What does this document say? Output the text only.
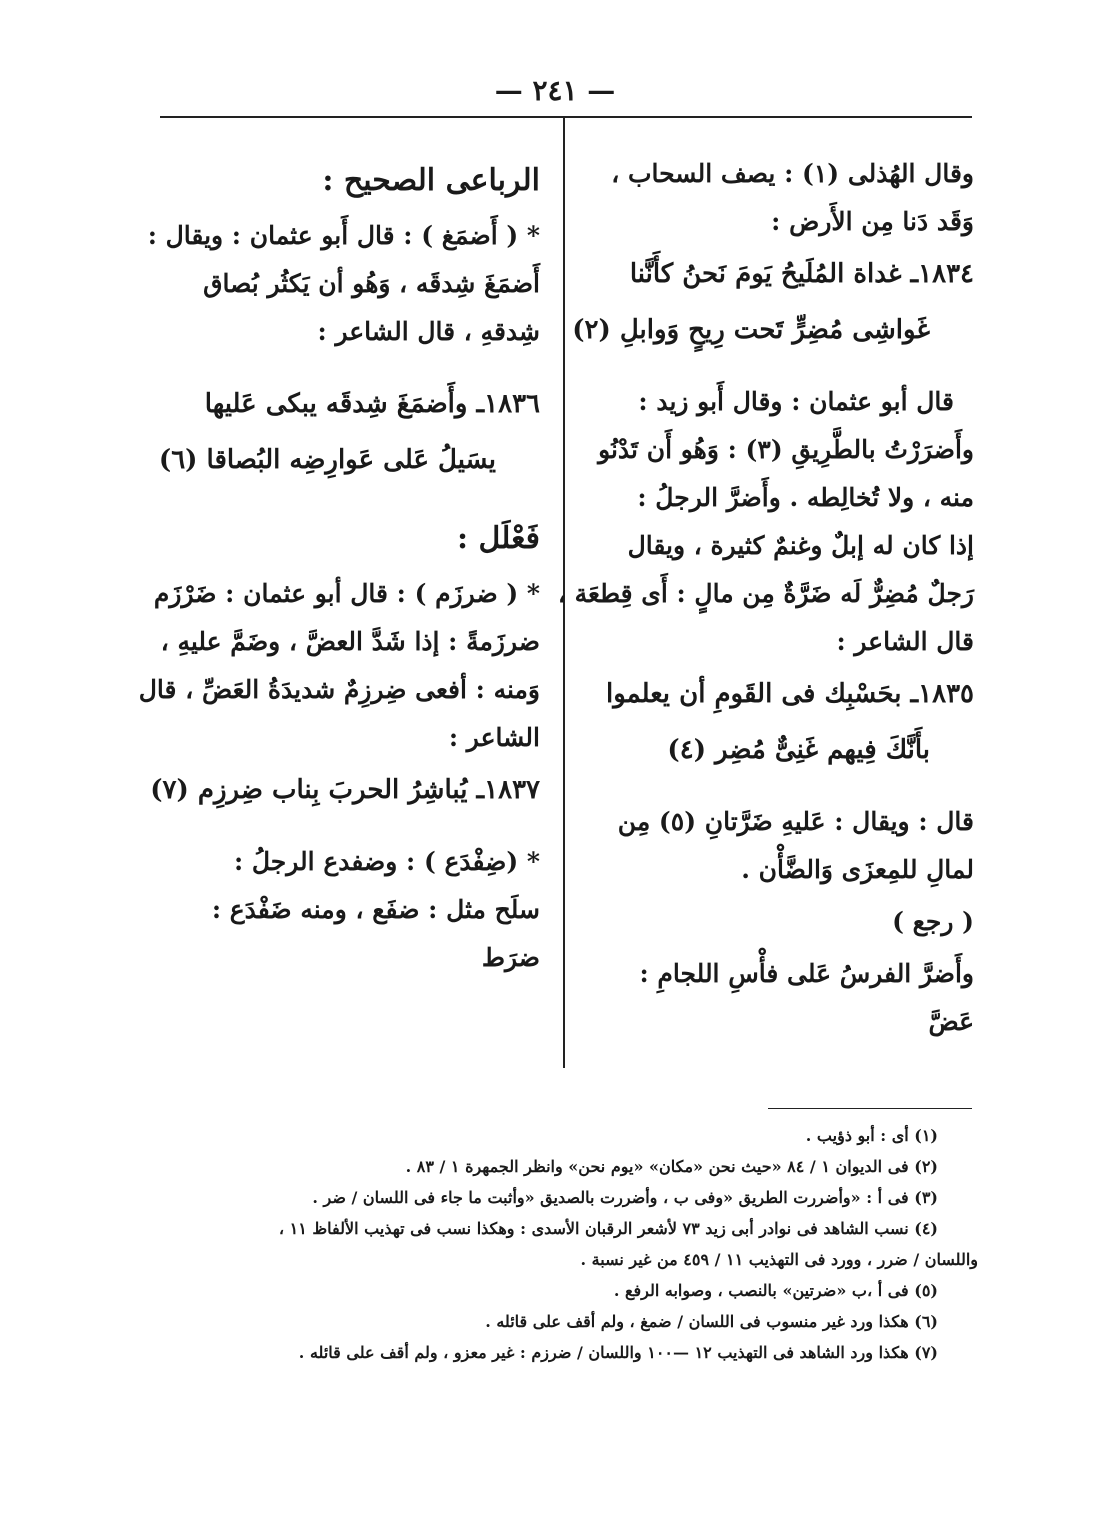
— ٢٤١ —
وقال الهُذلى (١) : يصف السحاب ،
وَقَد دَنا مِن الأَرض :
١٨٣٤ـ غداة المُلَيحُ يَومَ نَحنُ كأَنَّنا
غَواشِى مُضِرٍّ تَحت رِيحٍ وَوابلِ (٢)
قال أبو عثمان : وقال أَبو زيد :
وأَضرَرْتُ بالطَّرِيقِ (٣) : وَهُو أَن تَدْنُو
منه ، ولا تُخالِطه . وأَضرَّ الرجلُ :
إذا كان له إبلٌ وغنمٌ كثيرة ، ويقال
رَجلٌ مُضِرٌّ لَه ضَرَّةٌ مِن مالٍ : أَى قِطعَة ،
قال الشاعر :
١٨٣٥ـ بحَسْبِك فى القَومِ أن يعلموا
بأَنَّكَ فِيهم غَنِىٌّ مُضِر (٤)
قال : ويقال : عَليهِ ضَرَّتانِ (٥) مِن
لمالِ للمِعزَى وَالضَّأْن .
( رجع )
وأَضرَّ الفرسُ عَلى فأْسِ اللجامِ :
عَضَّ
الرباعى الصحيح :
* ( أَضمَغ ) : قال أَبو عثمان : ويقال :
أَضمَغَ شِدقَه ، وَهُو أن يَكثُر بُصاق
شِدقهِ ، قال الشاعر :
١٨٣٦ـ وأَضمَغَ شِدقَه يبكى عَليها
يسَيلُ عَلى عَوارِضِه البُصاقا (٦)
فَعْلَل :
* ( ضرزَم ) : قال أبو عثمان : ضَرْزَم
ضرزَمةً : إذا شَدَّ العضَّ ، وضَمَّ عليهِ ،
وَمنه : أفعى ضِرزِمٌ شديدَةُ العَضِّ ، قال
الشاعر :
١٨٣٧ـ يُباشِرُ الحربَ بِناب ضِرزِم (٧)
* (ضِفْدَع ) : وضفدع الرجلُ :
سلَح مثل : ضفَع ، ومنه ضَفْدَع :
ضرَط
(١) أى : أبو ذؤيب .
(٢) فى الديوان ١ / ٨٤ «حيث نحن «مكان» «يوم نحن» وانظر الجمهرة ١ / ٨٣ .
(٣) فى أ : «وأضررت الطريق «وفى ب ، وأضررت بالصديق «وأثبت ما جاء فى اللسان / ضر .
(٤) نسب الشاهد فى نوادر أبى زيد ٧٣ لأشعر الرقبان الأسدى : وهكذا نسب فى تهذيب الألفاظ ١١ ،
واللسان / ضرر ، وورد فى التهذيب ١١ / ٤٥٩ من غير نسبة .
(٥) فى أ ،ب «ضرتين» بالنصب ، وصوابه الرفع .
(٦) هكذا ورد غير منسوب فى اللسان / ضمغ ، ولم أقف على قائله .
(٧) هكذا ورد الشاهد فى التهذيب ١٢ —١٠٠ واللسان / ضرزم : غير معزو ، ولم أقف على قائله .
